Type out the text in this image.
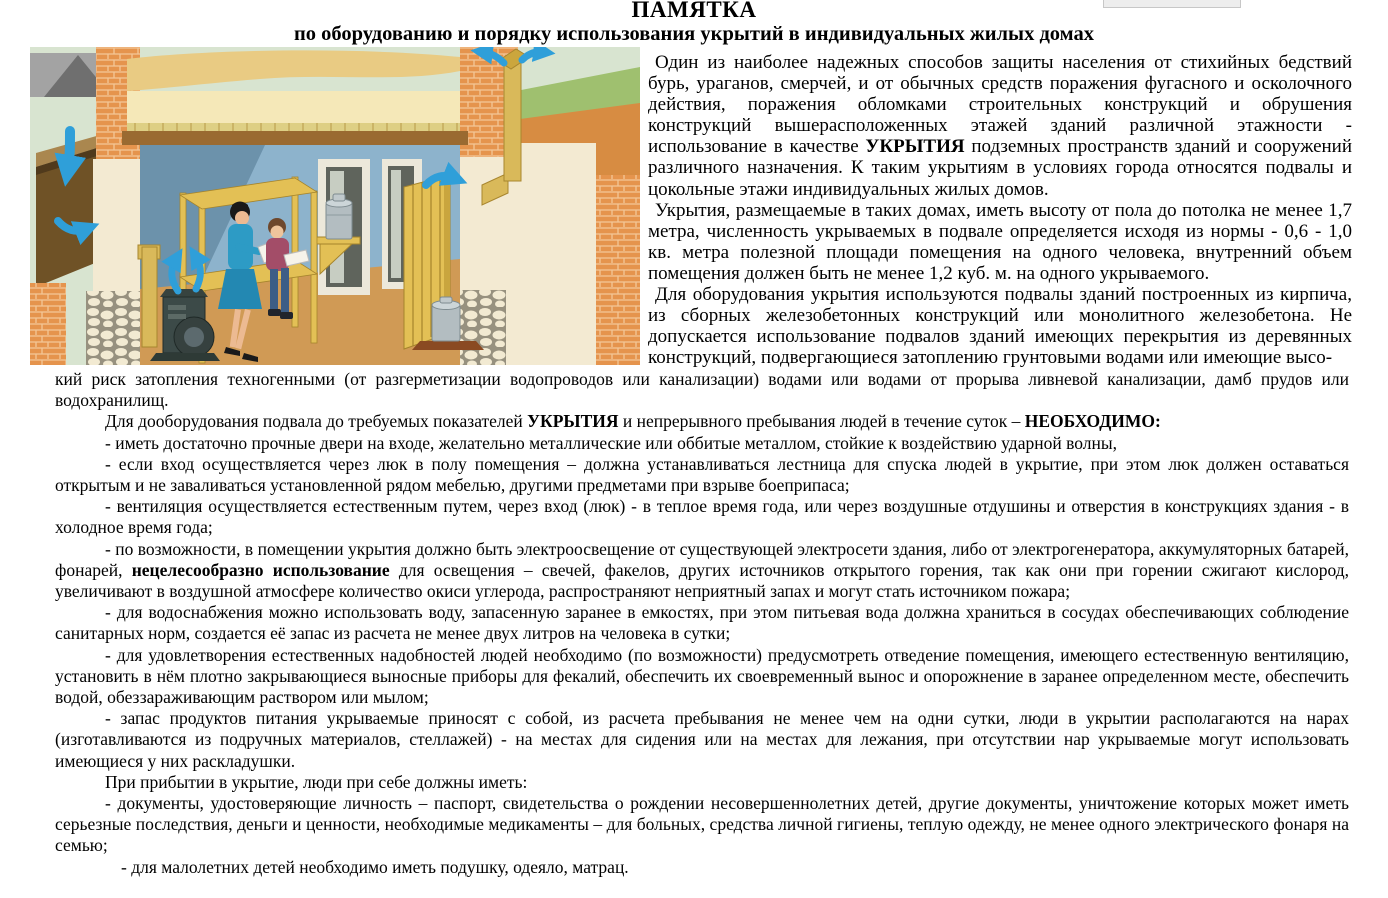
ПАМЯТКА
по оборудованию и порядку использования укрытий в индивидуальных жилых домах

Один из наиболее надежных способов защиты населения от стихийных бедствий бурь, ураганов, смерчей, и от обычных средств поражения фугасного и осколочного действия, поражения обломками строительных конструкций и обрушения конструкций вышерасположенных этажей зданий различной этажности - использование в качестве УКРЫТИЯ подземных пространств зданий и сооружений различного назначения. К таким укрытиям в условиях города относятся подвалы и цокольные этажи индивидуальных жилых домов.

Укрытия, размещаемые в таких домах, иметь высоту от пола до потолка не менее 1,7 метра, численность укрываемых в подвале определяется исходя из нормы - 0,6 - 1,0 кв. метра полезной площади помещения на одного человека, внутренний объем помещения должен быть не менее 1,2 куб. м. на одного укрываемого.

Для оборудования укрытия используются подвалы зданий построенных из кирпича, из сборных железобетонных конструкций или монолитного железобетона. Не допускается использование подвалов зданий имеющих перекрытия из деревянных конструкций, подвергающиеся затоплению грунтовыми водами или имеющие высо-

кий риск затопления техногенными (от разгерметизации водопроводов или канализации) водами или водами от прорыва ливневой канализации, дамб прудов или водохранилищ.

Для дооборудования подвала до требуемых показателей УКРЫТИЯ и непрерывного пребывания людей в течение суток – НЕОБХОДИМО:

- иметь достаточно прочные двери на входе, желательно металлические или оббитые металлом, стойкие к воздействию ударной волны,

- если вход осуществляется через люк в полу помещения – должна устанавливаться лестница для спуска людей в укрытие, при этом люк должен оставаться открытым и не заваливаться установленной рядом мебелью, другими предметами при взрыве боеприпаса;

- вентиляция осуществляется естественным путем, через вход (люк) - в теплое время года, или через воздушные отдушины и отверстия в конструкциях здания - в холодное время года;

- по возможности, в помещении укрытия должно быть электроосвещение от существующей электросети здания, либо от электрогенератора, аккумуляторных батарей, фонарей, нецелесообразно использование для освещения – свечей, факелов, других источников открытого горения, так как они при горении сжигают кислород, увеличивают в воздушной атмосфере количество окиси углерода, распространяют неприятный запах и могут стать источником пожара;

- для водоснабжения можно использовать воду, запасенную заранее в емкостях, при этом питьевая вода должна храниться в сосудах обеспечивающих соблюдение санитарных норм, создается её запас из расчета не менее двух литров на человека в сутки;

- для удовлетворения естественных надобностей людей необходимо (по возможности) предусмотреть отведение помещения, имеющего естественную вентиляцию, установить в нём плотно закрывающиеся выносные приборы для фекалий, обеспечить их своевременный вынос и опорожнение в заранее определенном месте, обеспечить водой, обеззараживающим раствором или мылом;

- запас продуктов питания укрываемые приносят с собой, из расчета пребывания не менее чем на одни сутки, люди в укрытии располагаются на нарах (изготавливаются из подручных материалов, стеллажей) - на местах для сидения или на местах для лежания, при отсутствии нар укрываемые могут использовать имеющиеся у них раскладушки.

При прибытии в укрытие, люди при себе должны иметь:

- документы, удостоверяющие личность – паспорт, свидетельства о рождении несовершеннолетних детей, другие документы, уничтожение которых может иметь серьезные последствия, деньги и ценности, необходимые медикаменты – для больных, средства личной гигиены, теплую одежду, не менее одного электрического фонаря на семью;

- для малолетних детей необходимо иметь подушку, одеяло, матрац.
